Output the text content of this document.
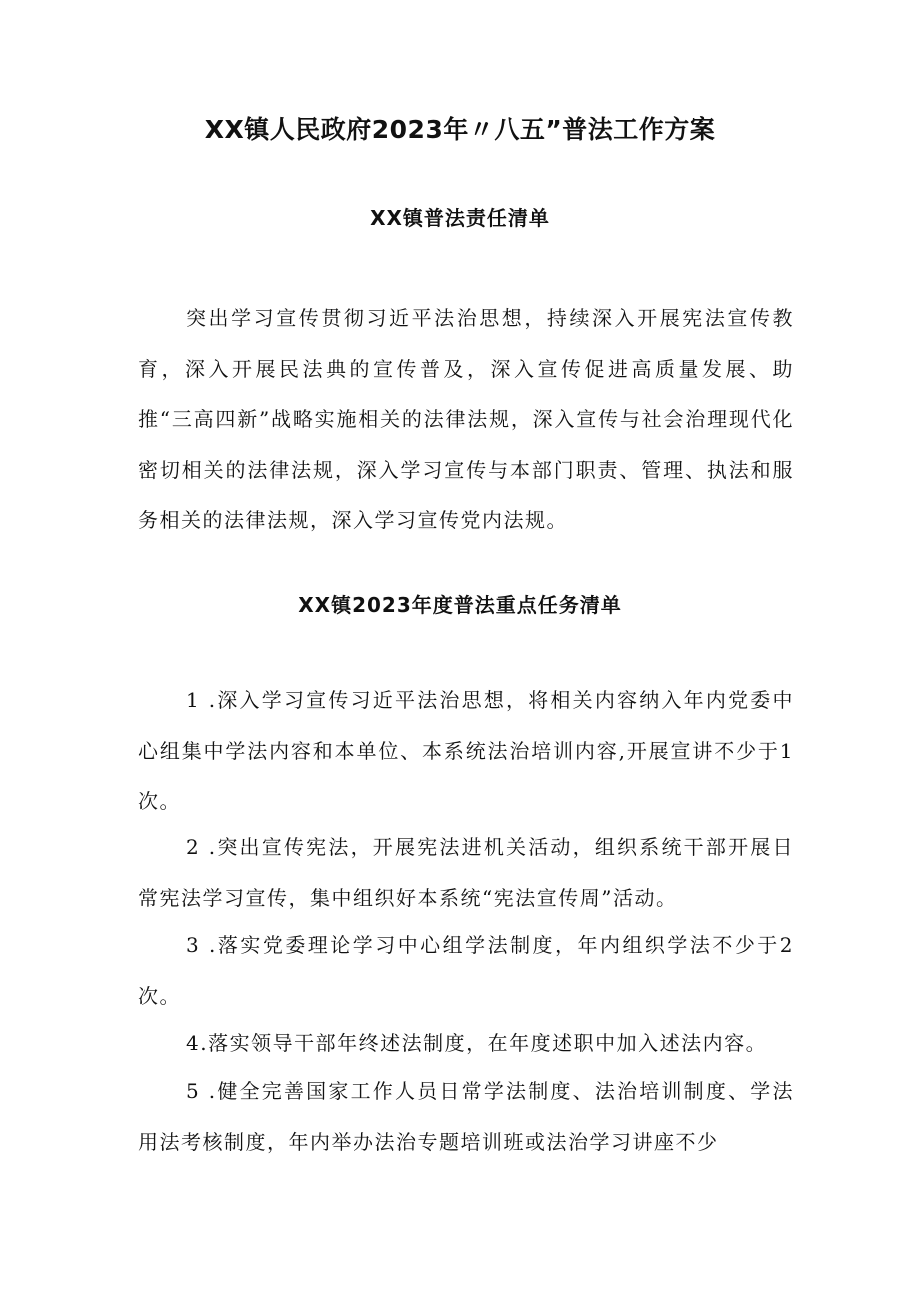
XX镇人民政府2023年〃八五”普法工作方案
XX镇普法责任清单

突出学习宣传贯彻习近平法治思想，持续深入开展宪法宣传教育，深入开展民法典的宣传普及，深入宣传促进高质量发展、助推“三高四新”战略实施相关的法律法规，深入宣传与社会治理现代化密切相关的法律法规，深入学习宣传与本部门职责、管理、执法和服务相关的法律法规，深入学习宣传党内法规。

XX镇2023年度普法重点任务清单

1 .深入学习宣传习近平法治思想，将相关内容纳入年内党委中心组集中学法内容和本单位、本系统法治培训内容,开展宣讲不少于1次。

2 .突出宣传宪法，开展宪法进机关活动，组织系统干部开展日常宪法学习宣传，集中组织好本系统“宪法宣传周”活动。

3 .落实党委理论学习中心组学法制度，年内组织学法不少于2次。

4.落实领导干部年终述法制度，在年度述职中加入述法内容。

5 .健全完善国家工作人员日常学法制度、法治培训制度、学法用法考核制度，年内举办法治专题培训班或法治学习讲座不少
